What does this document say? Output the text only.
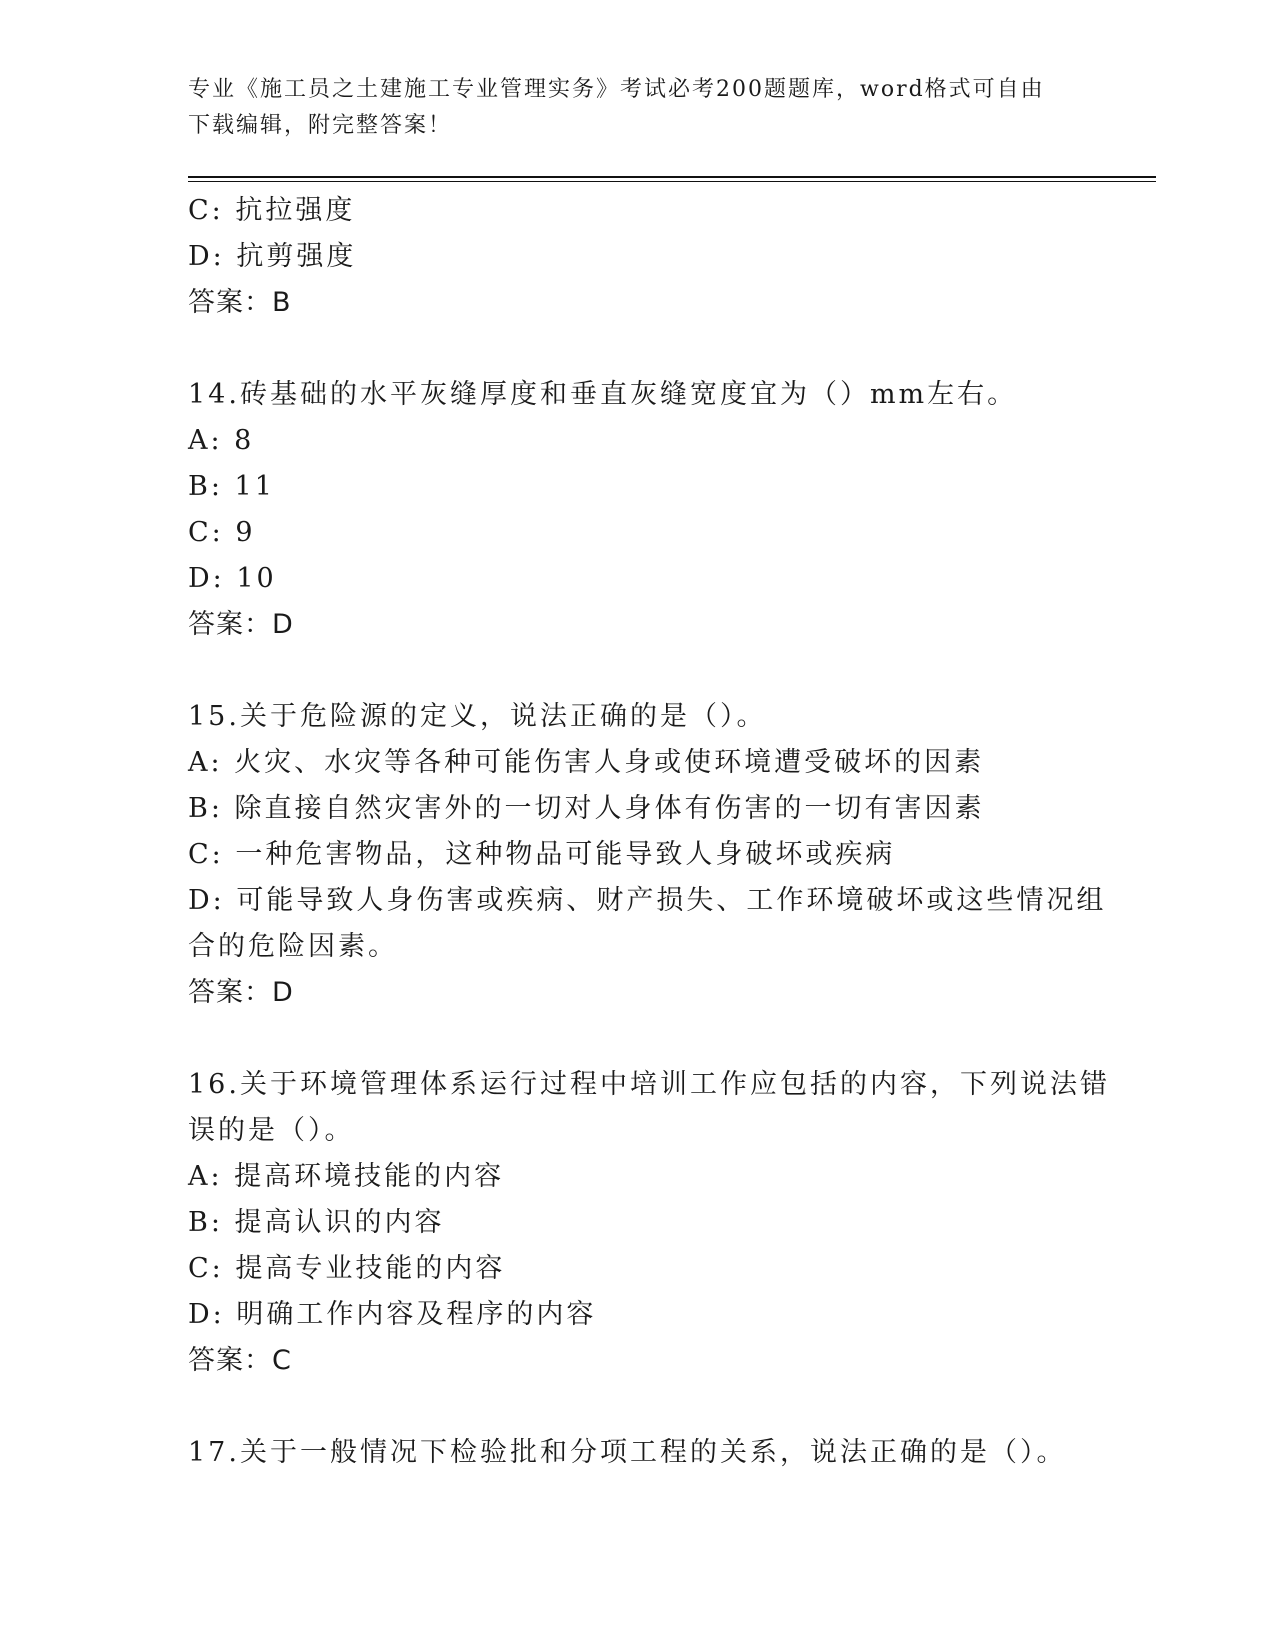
专业《施工员之土建施工专业管理实务》考试必考200题题库，word格式可自由
下载编辑，附完整答案！
C: 抗拉强度
D: 抗剪强度
答案：B
14.砖基础的水平灰缝厚度和垂直灰缝宽度宜为（）mm左右。
A: 8
B: 11
C: 9
D: 10
答案：D
15.关于危险源的定义，说法正确的是（）。
A: 火灾、水灾等各种可能伤害人身或使环境遭受破坏的因素
B: 除直接自然灾害外的一切对人身体有伤害的一切有害因素
C: 一种危害物品，这种物品可能导致人身破坏或疾病
D: 可能导致人身伤害或疾病、财产损失、工作环境破坏或这些情况组
合的危险因素。
答案：D
16.关于环境管理体系运行过程中培训工作应包括的内容，下列说法错
误的是（）。
A: 提高环境技能的内容
B: 提高认识的内容
C: 提高专业技能的内容
D: 明确工作内容及程序的内容
答案：C
17.关于一般情况下检验批和分项工程的关系，说法正确的是（）。
